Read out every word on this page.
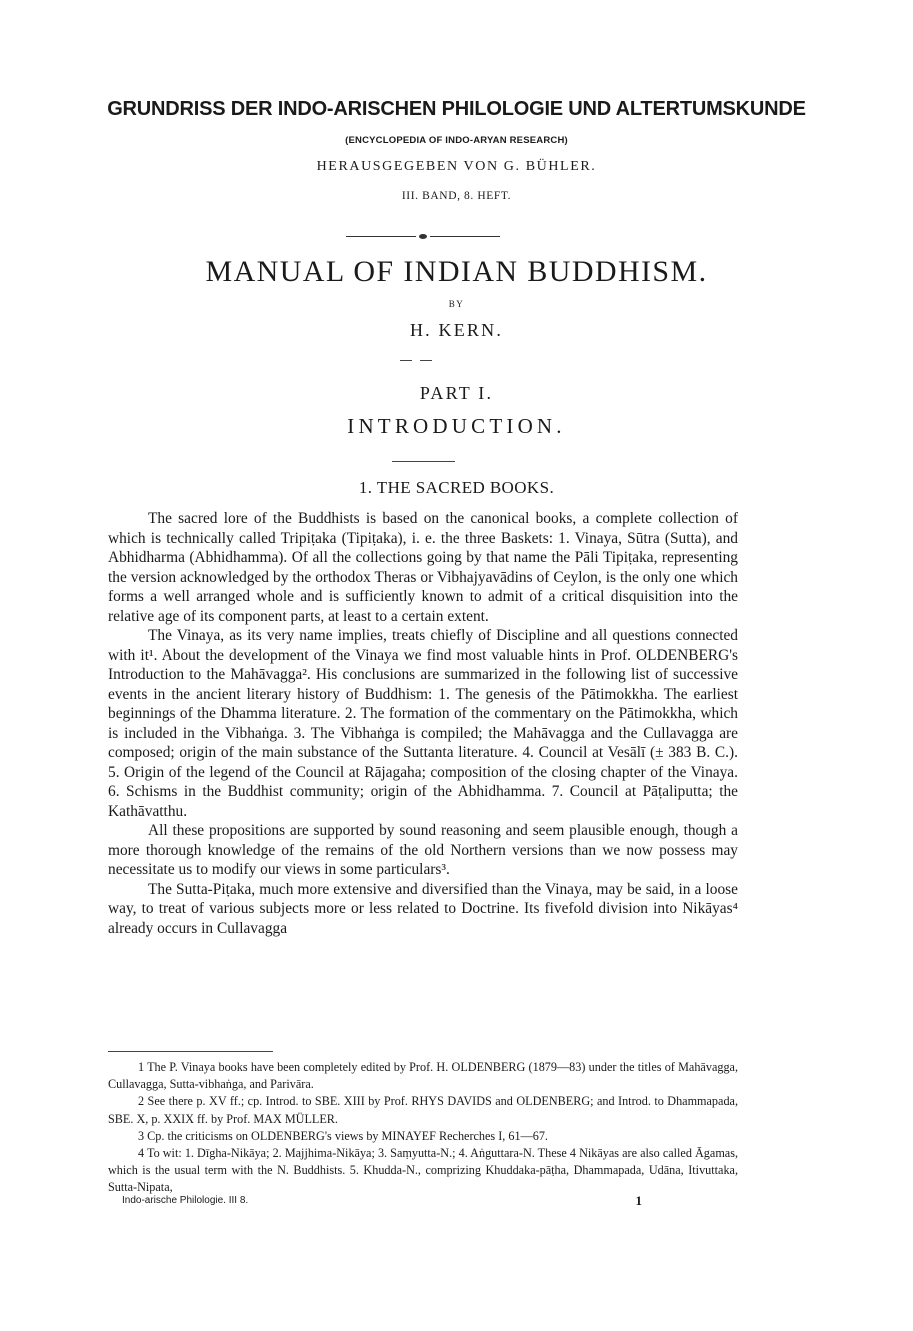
GRUNDRISS DER INDO-ARISCHEN PHILOLOGIE UND ALTERTUMSKUNDE
(ENCYCLOPEDIA OF INDO-ARYAN RESEARCH)
HERAUSGEGEBEN VON G. BÜHLER.
III. BAND, 8. HEFT.
MANUAL OF INDIAN BUDDHISM.
BY
H. KERN.
PART I.
INTRODUCTION.
1. THE SACRED BOOKS.

The sacred lore of the Buddhists is based on the canonical books, a complete collection of which is technically called Tripiṭaka (Tipiṭaka), i. e. the three Baskets: 1. Vinaya, Sūtra (Sutta), and Abhidharma (Abhidhamma). Of all the collections going by that name the Pāli Tipiṭaka, representing the version acknowledged by the orthodox Theras or Vibhajyavādins of Ceylon, is the only one which forms a well arranged whole and is sufficiently known to admit of a critical disquisition into the relative age of its component parts, at least to a certain extent.

The Vinaya, as its very name implies, treats chiefly of Discipline and all questions connected with it¹. About the development of the Vinaya we find most valuable hints in Prof. OLDENBERG's Introduction to the Mahāvagga². His conclusions are summarized in the following list of successive events in the ancient literary history of Buddhism: 1. The genesis of the Pātimokkha. The earliest beginnings of the Dhamma literature. 2. The formation of the commentary on the Pātimokkha, which is included in the Vibhaṅga. 3. The Vibhaṅga is compiled; the Mahāvagga and the Cullavagga are composed; origin of the main substance of the Suttanta literature. 4. Council at Vesālī (± 383 B. C.). 5. Origin of the legend of the Council at Rājagaha; composition of the closing chapter of the Vinaya. 6. Schisms in the Buddhist community; origin of the Abhidhamma. 7. Council at Pāṭaliputta; the Kathāvatthu.

All these propositions are supported by sound reasoning and seem plausible enough, though a more thorough knowledge of the remains of the old Northern versions than we now possess may necessitate us to modify our views in some particulars³.

The Sutta-Piṭaka, much more extensive and diversified than the Vinaya, may be said, in a loose way, to treat of various subjects more or less related to Doctrine. Its fivefold division into Nikāyas⁴ already occurs in Cullavagga

1 The P. Vinaya books have been completely edited by Prof. H. OLDENBERG (1879—83) under the titles of Mahāvagga, Cullavagga, Sutta-vibhaṅga, and Parivāra.

2 See there p. XV ff.; cp. Introd. to SBE. XIII by Prof. RHYS DAVIDS and OLDENBERG; and Introd. to Dhammapada, SBE. X, p. XXIX ff. by Prof. MAX MÜLLER.

3 Cp. the criticisms on OLDENBERG's views by MINAYEF Recherches I, 61—67.

4 To wit: 1. Dīgha-Nikāya; 2. Majjhima-Nikāya; 3. Saṃyutta-N.; 4. Aṅguttara-N. These 4 Nikāyas are also called Āgamas, which is the usual term with the N. Buddhists. 5. Khudda-N., comprizing Khuddaka-pāṭha, Dhammapada, Udāna, Itivuttaka, Sutta-Nipata,

Indo-arische Philologie. III 8.	1
